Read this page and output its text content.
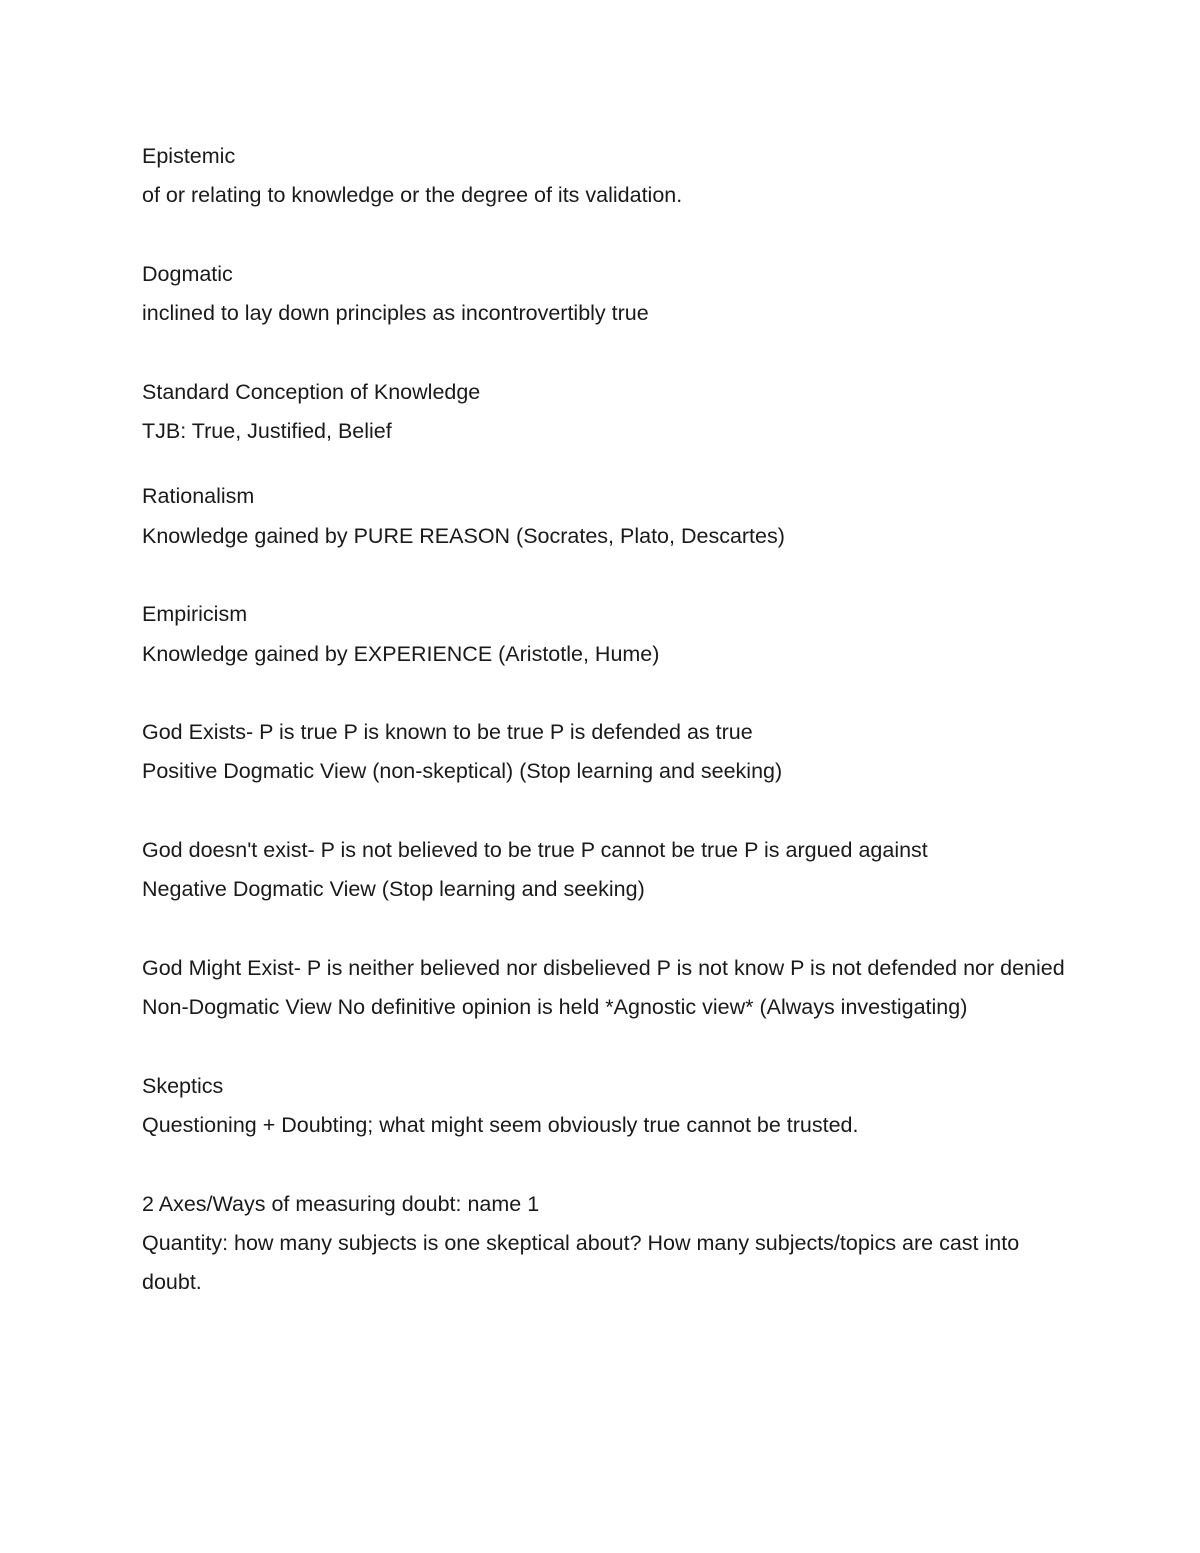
Epistemic
of or relating to knowledge or the degree of its validation.
Dogmatic
inclined to lay down principles as incontrovertibly true
Standard Conception of Knowledge
TJB: True, Justified, Belief
Rationalism
Knowledge gained by PURE REASON (Socrates, Plato, Descartes)
Empiricism
Knowledge gained by EXPERIENCE (Aristotle, Hume)
God Exists- P is true P is known to be true P is defended as true
Positive Dogmatic View (non-skeptical) (Stop learning and seeking)
God doesn't exist- P is not believed to be true P cannot be true P is argued against
Negative Dogmatic View (Stop learning and seeking)
God Might Exist- P is neither believed nor disbelieved P is not know P is not defended nor denied
Non-Dogmatic View No definitive opinion is held *Agnostic view* (Always investigating)
Skeptics
Questioning + Doubting; what might seem obviously true cannot be trusted.
2 Axes/Ways of measuring doubt: name 1
Quantity: how many subjects is one skeptical about? How many subjects/topics are cast into doubt.
